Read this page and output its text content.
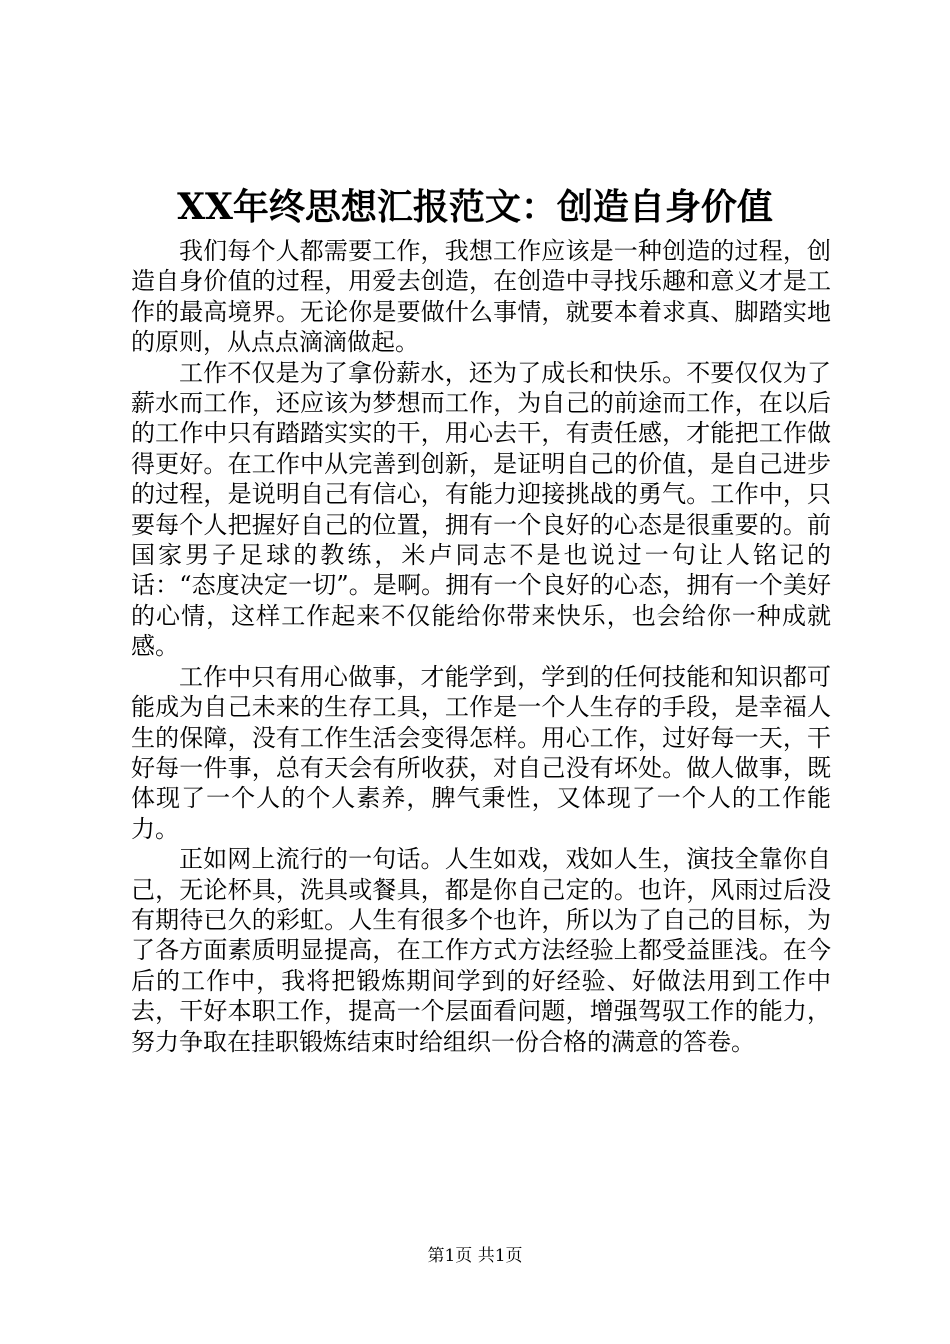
XX年终思想汇报范文：创造自身价值

我们每个人都需要工作，我想工作应该是一种创造的过程，创造自身价值的过程，用爱去创造，在创造中寻找乐趣和意义才是工作的最高境界。无论你是要做什么事情，就要本着求真、脚踏实地的原则，从点点滴滴做起。

工作不仅是为了拿份薪水，还为了成长和快乐。不要仅仅为了薪水而工作，还应该为梦想而工作，为自己的前途而工作，在以后的工作中只有踏踏实实的干，用心去干，有责任感，才能把工作做得更好。在工作中从完善到创新，是证明自己的价值，是自己进步的过程，是说明自己有信心，有能力迎接挑战的勇气。工作中，只要每个人把握好自己的位置，拥有一个良好的心态是很重要的。前国家男子足球的教练，米卢同志不是也说过一句让人铭记的话：“态度决定一切”。是啊。拥有一个良好的心态，拥有一个美好的心情，这样工作起来不仅能给你带来快乐，也会给你一种成就感。

工作中只有用心做事，才能学到，学到的任何技能和知识都可能成为自己未来的生存工具，工作是一个人生存的手段，是幸福人生的保障，没有工作生活会变得怎样。用心工作，过好每一天，干好每一件事，总有天会有所收获，对自己没有坏处。做人做事，既体现了一个人的个人素养，脾气秉性，又体现了一个人的工作能力。

正如网上流行的一句话。人生如戏，戏如人生，演技全靠你自己，无论杯具，洗具或餐具，都是你自己定的。也许，风雨过后没有期待已久的彩虹。人生有很多个也许，所以为了自己的目标，为了各方面素质明显提高，在工作方式方法经验上都受益匪浅。在今后的工作中，我将把锻炼期间学到的好经验、好做法用到工作中去，干好本职工作，提高一个层面看问题，增强驾驭工作的能力，努力争取在挂职锻炼结束时给组织一份合格的满意的答卷。

第1页 共1页
